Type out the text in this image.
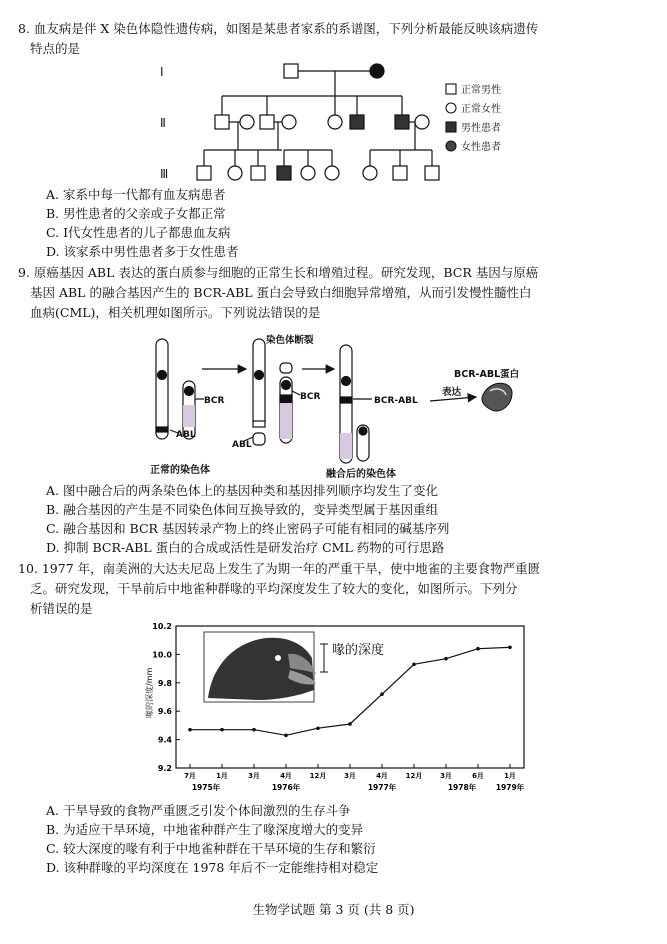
8. 血友病是伴 X 染色体隐性遗传病，如图是某患者家系的系谱图，下列分析最能反映该病遗传
特点的是
Ⅰ
Ⅱ
Ⅲ
正常男性
正常女性
男性患者
女性患者
A. 家系中每一代都有血友病患者
B. 男性患者的父亲或子女都正常
C. Ⅰ代女性患者的儿子都患血友病
D. 该家系中男性患者多于女性患者
9. 原癌基因 ABL 表达的蛋白质参与细胞的正常生长和增殖过程。研究发现，BCR 基因与原癌
基因 ABL 的融合基因产生的 BCR-ABL 蛋白会导致白细胞异常增殖，从而引发慢性髓性白
血病(CML)，相关机理如图所示。下列说法错误的是
染色体断裂
BCR	BCR
ABL
ABL
BCR-ABL
表达
BCR-ABL蛋白
正常的染色体	融合后的染色体
A. 图中融合后的两条染色体上的基因种类和基因排列顺序均发生了变化
B. 融合基因的产生是不同染色体间互换导致的，变异类型属于基因重组
C. 融合基因和 BCR 基因转录产物上的终止密码子可能有相同的碱基序列
D. 抑制 BCR-ABL 蛋白的合成或活性是研发治疗 CML 药物的可行思路
10. 1977 年，南美洲的大达夫尼岛上发生了为期一年的严重干旱，使中地雀的主要食物严重匮
乏。研究发现，干旱前后中地雀种群喙的平均深度发生了较大的变化，如图所示。下列分
析错误的是
9.2
9.4
9.6
9.8
10.0
10.2
7月	1月	3月	4月	12月	3月	4月	12月	3月	6月	1月
喙的深度
喙的深度/mm
1975年	1976年	1977年	1978年	1979年
A. 干旱导致的食物严重匮乏引发个体间激烈的生存斗争
B. 为适应干旱环境，中地雀种群产生了喙深度增大的变异
C. 较大深度的喙有利于中地雀种群在干旱环境的生存和繁衍
D. 该种群喙的平均深度在 1978 年后不一定能维持相对稳定
生物学试题 第 3 页 (共 8 页)
